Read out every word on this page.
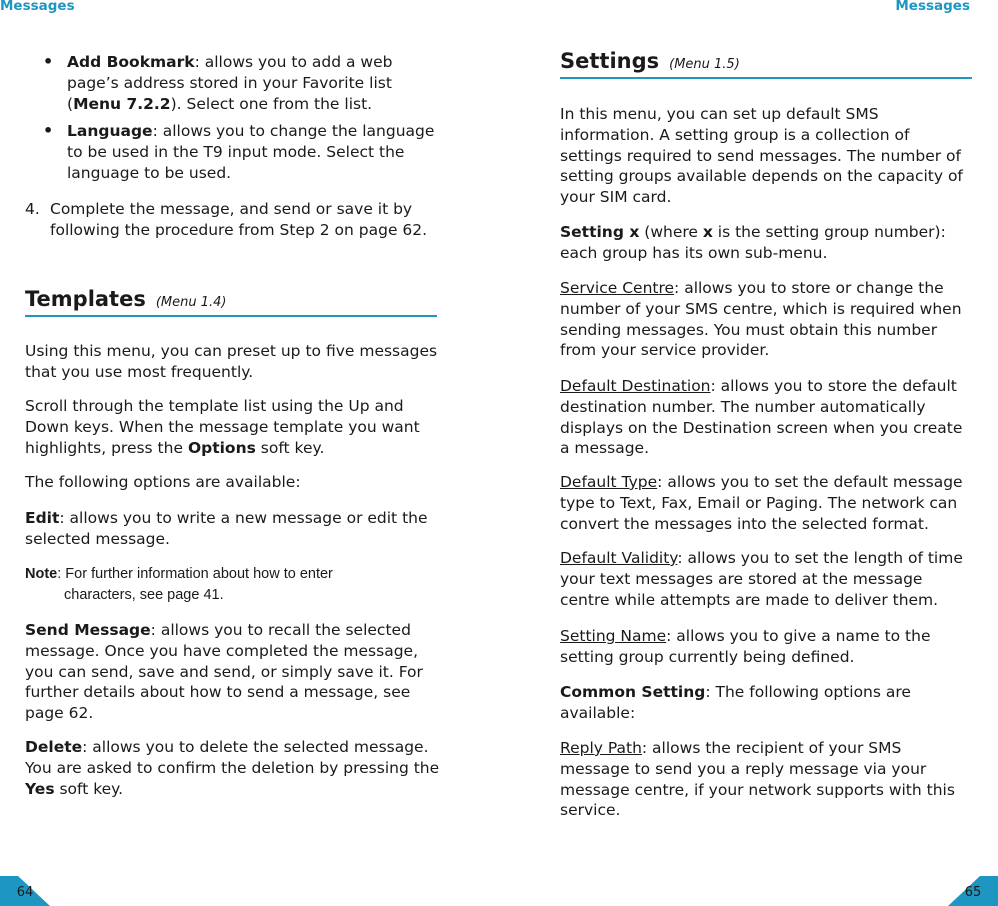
Messages	Messages
• Add Bookmark: allows you to add a web page’s address stored in your Favorite list (Menu 7.2.2). Select one from the list.

• Language: allows you to change the language to be used in the T9 input mode. Select the language to be used.

4. Complete the message, and send or save it by following the procedure from Step 2 on page 62.

Templates (Menu 1.4)

Using this menu, you can preset up to five messages that you use most frequently.

Scroll through the template list using the Up and Down keys. When the message template you want highlights, press the Options soft key.

The following options are available:

Edit: allows you to write a new message or edit the selected message.

Note: For further information about how to enter

characters, see page 41.

Send Message: allows you to recall the selected message. Once you have completed the message, you can send, save and send, or simply save it. For further details about how to send a message, see page 62.

Delete: allows you to delete the selected message. You are asked to confirm the deletion by pressing the Yes soft key.

Settings (Menu 1.5)

In this menu, you can set up default SMS information. A setting group is a collection of settings required to send messages. The number of setting groups available depends on the capacity of your SIM card.

Setting x (where x is the setting group number): each group has its own sub-menu.

Service Centre: allows you to store or change the number of your SMS centre, which is required when sending messages. You must obtain this number from your service provider.

Default Destination: allows you to store the default destination number. The number automatically displays on the Destination screen when you create a message.

Default Type: allows you to set the default message type to Text, Fax, Email or Paging. The network can convert the messages into the selected format.

Default Validity: allows you to set the length of time your text messages are stored at the message centre while attempts are made to deliver them.

Setting Name: allows you to give a name to the setting group currently being defined.

Common Setting: The following options are available:

Reply Path: allows the recipient of your SMS message to send you a reply message via your message centre, if your network supports with this service.

64	65
